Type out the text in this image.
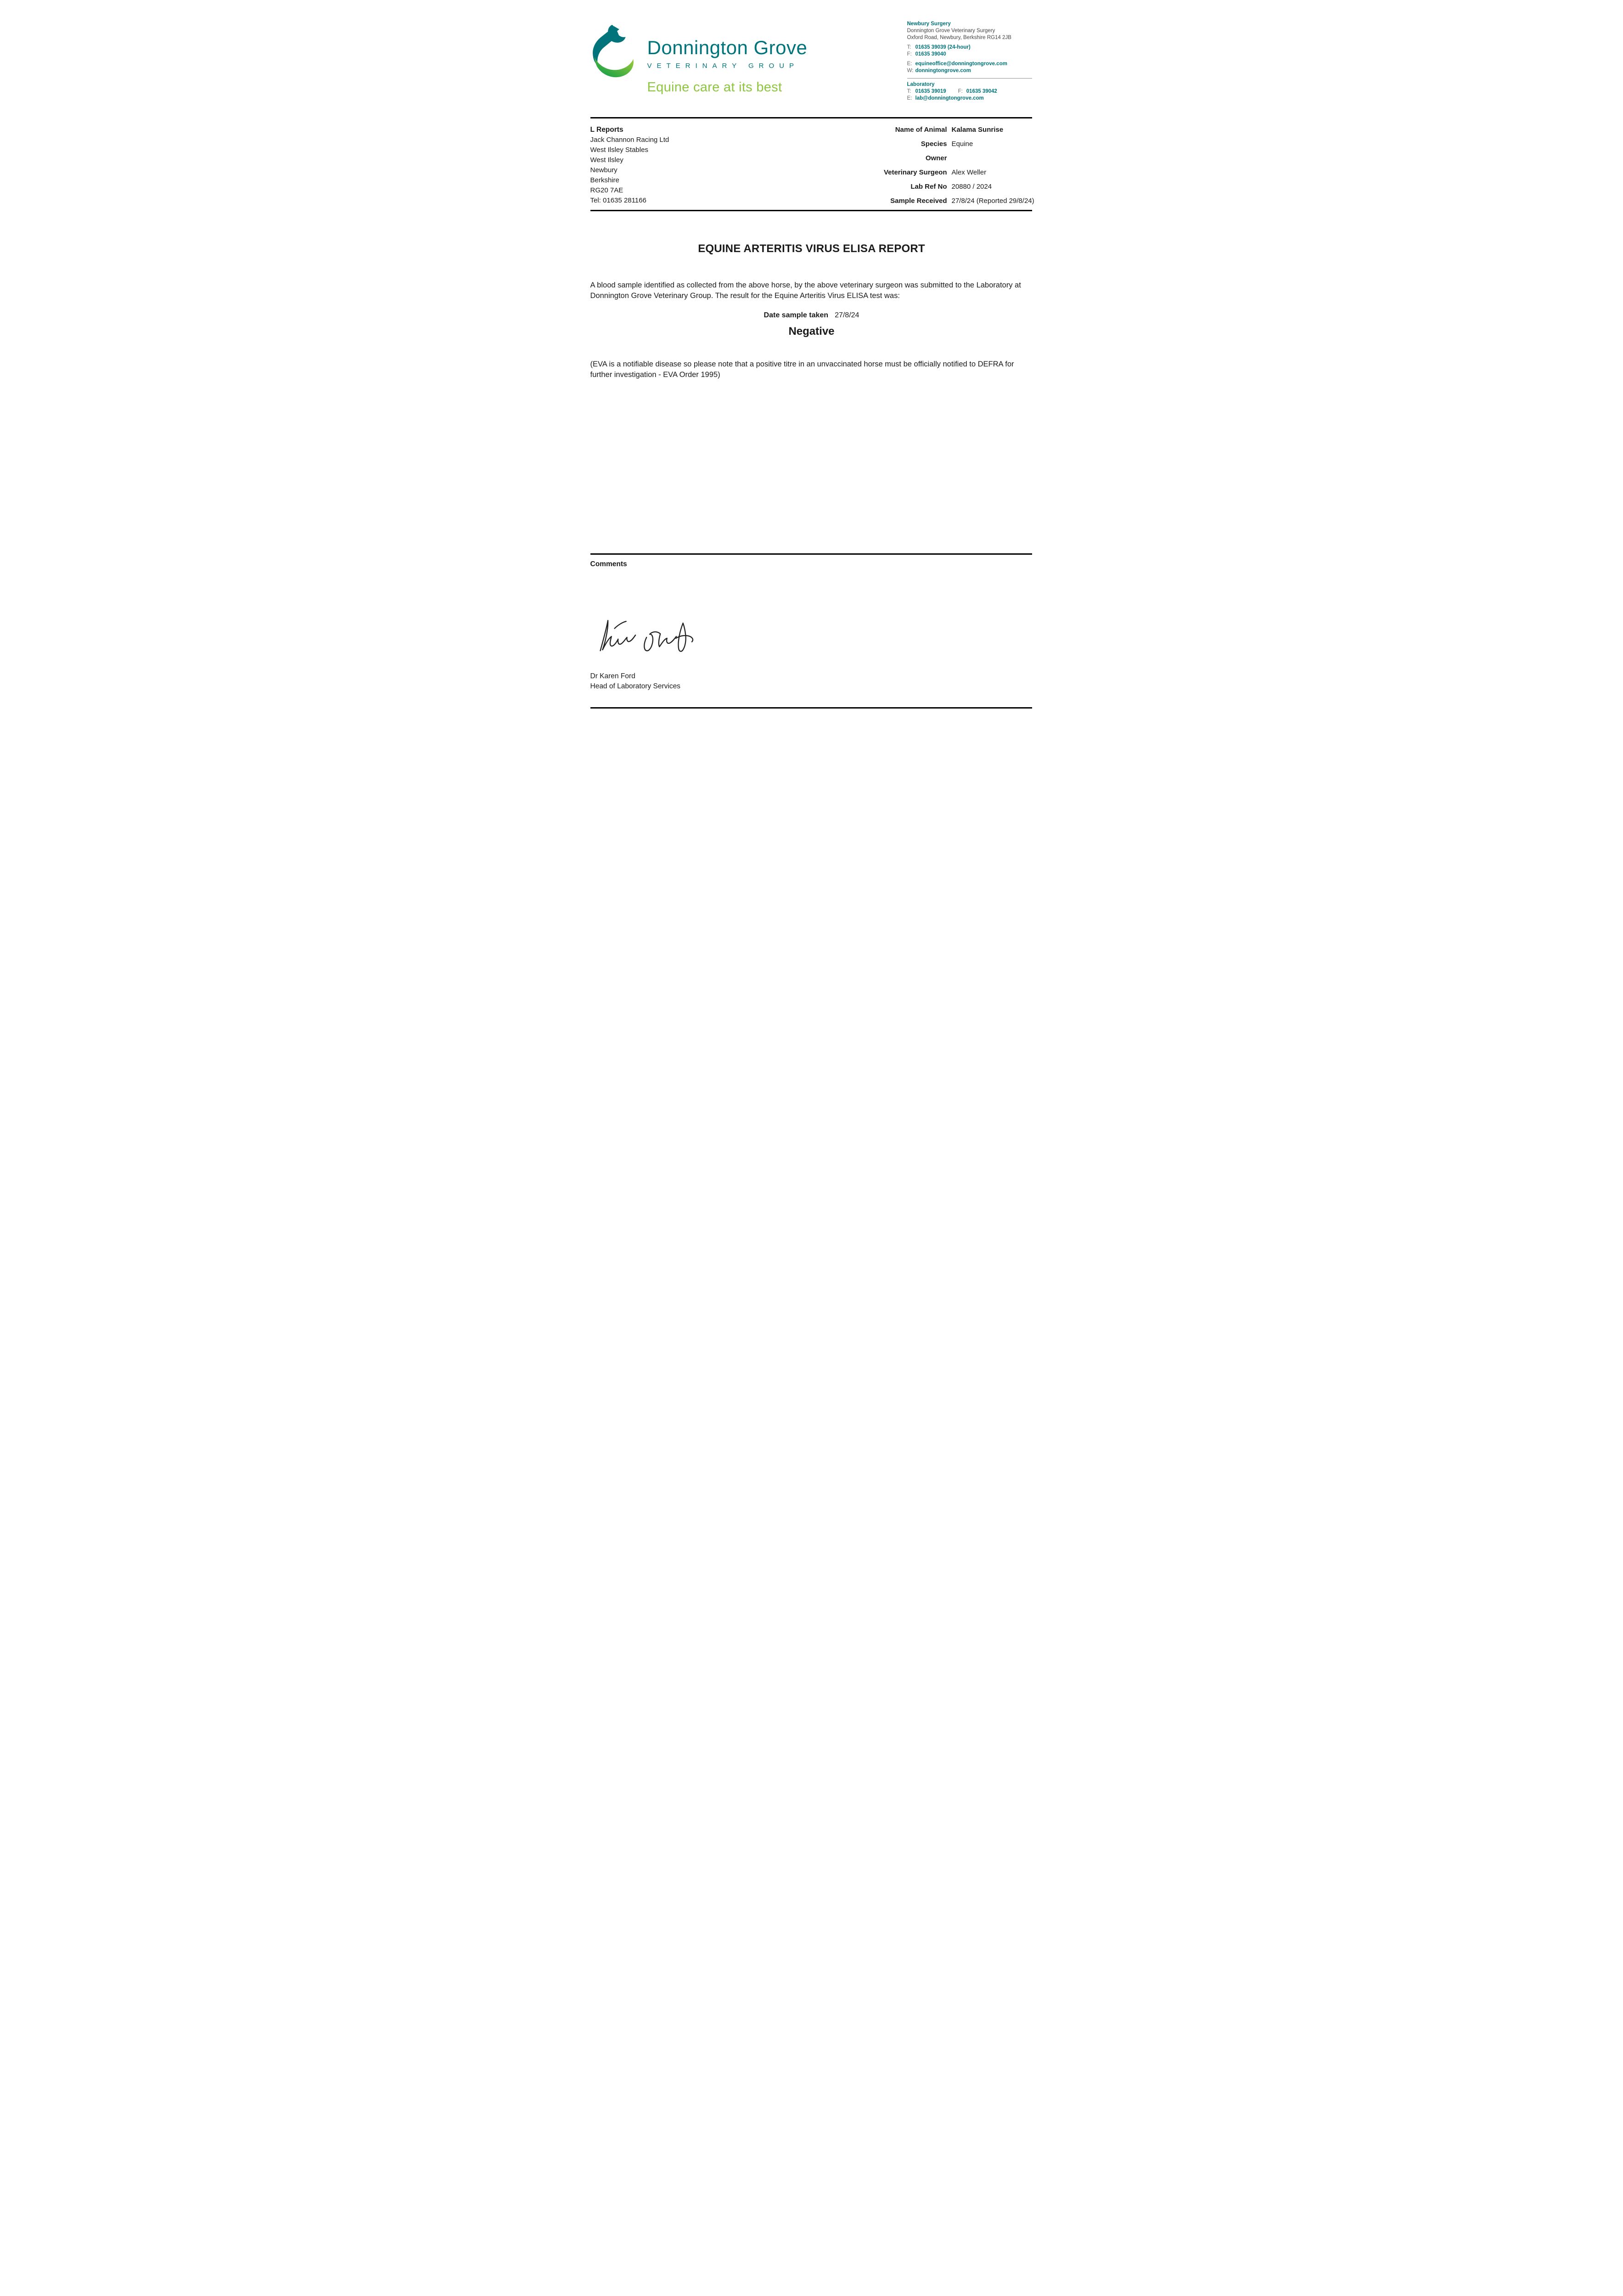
Donnington Grove
VETERINARY GROUP
Equine care at its best
Newbury Surgery
Donnington Grove Veterinary Surgery
Oxford Road, Newbury, Berkshire RG14 2JB
T: 01635 39039 (24-hour)
F: 01635 39040
E: equineoffice@donningtongrove.com
W: donningtongrove.com
Laboratory
T: 01635 39019 F: 01635 39042
E: lab@donningtongrove.com
L Reports
Jack Channon Racing Ltd
West Ilsley Stables
West Ilsley
Newbury
Berkshire
RG20 7AE
Tel: 01635 281166
Name of Animal Kalama Sunrise
Species Equine
Owner
Veterinary Surgeon Alex Weller
Lab Ref No 20880 / 2024
Sample Received 27/8/24 (Reported 29/8/24)
EQUINE ARTERITIS VIRUS ELISA REPORT

A blood sample identified as collected from the above horse, by the above veterinary surgeon was submitted to the Laboratory at Donnington Grove Veterinary Group. The result for the Equine Arteritis Virus ELISA test was:

Date sample taken 27/8/24
Negative

(EVA is a notifiable disease so please note that a positive titre in an unvaccinated horse must be officially notified to DEFRA for further investigation - EVA Order 1995)

Comments
Dr Karen Ford
Head of Laboratory Services
